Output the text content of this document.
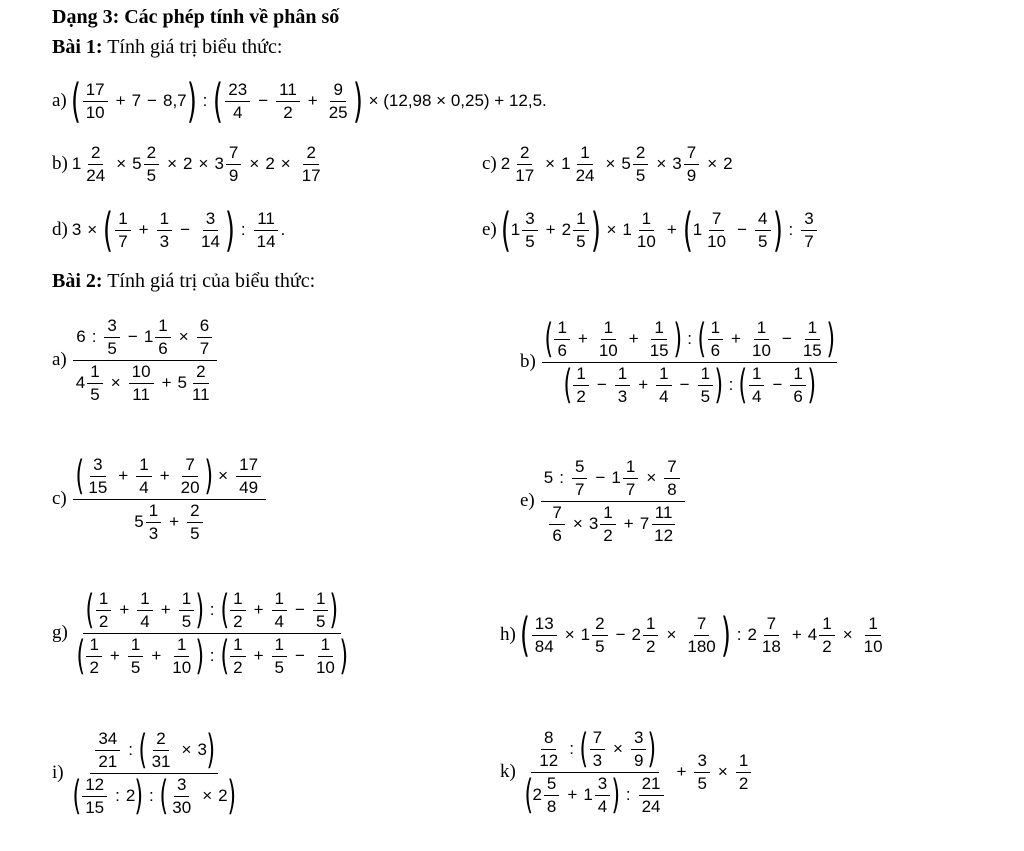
Dạng 3: Các phép tính về phân số
Bài 1: Tính giá trị biểu thức:
Bài 2: Tính giá trị của biểu thức:
a) ( 17
10
+ 7 − 8,7 ) : ( 23
4
− $\frac{11}{2} + \frac{9}{25}$ ) × (12,98 × 0,25) + 12,5.
b) $1 \frac{2}{24} \times 5 \frac{2}{5} \times 2 \times 3 \frac{7}{9} \times 2 \times \frac{2}{17}$	c) $2 \frac{2}{17} \times 1 \frac{1}{24} \times 5 \frac{2}{5} \times 3 \frac{7}{9} \times 2$
d) 3 × ( 1
7
+ $\frac{1}{3} - \frac{3}{14}$ ) :
11
14
.	e) ( 1
3
5
+ $2 \frac{1}{5}$ ) × $1 \frac{1}{10}$ + ( 1
7
10
− $\frac{4}{5}$ ) :
3
7
a)
6 :
3
5
− $1 \frac{1}{6} \times \frac{6}{7}$
$4 \frac{1}{5} \times \frac{10}{11} + 5 \frac{2}{11}$	b) ( 1
6
+ $\frac{1}{10} + \frac{1}{15}$ ) : ( 1
6
+ $\frac{1}{10} - \frac{1}{15}$ )
( 1
2
− $\frac{1}{3} + \frac{1}{4} - \frac{1}{5}$ ) : ( 1
4
− $\frac{1}{6}$ )
c) ( 3
15
+ $\frac{1}{4} + \frac{7}{20}$ ) × $\frac{17}{49}$
5
1
3
+ $\frac{2}{5}$	e)
5 :
5
7
− $1 \frac{1}{7} \times \frac{7}{8}$
$\frac{7}{6} \times 3 \frac{1}{2} + 7 \frac{11}{12}$
g) ( 1
2
+ $\frac{1}{4} + \frac{1}{5}$ ) : ( 1
2
+ $\frac{1}{4} - \frac{1}{5}$ )
( 1
2
+ $\frac{1}{5} + \frac{1}{10}$ ) : ( 1
2
+ $\frac{1}{5} - \frac{1}{10}$ )	h) ( $\frac{13}{84} \times 1 \frac{2}{5} - 2 \frac{1}{2} \times \frac{7}{180}$ ) : 2
7
18
+ $4 \frac{1}{2} \times \frac{1}{10}$
i)
34
21
: ( $\frac{2}{31} \times 3$ )
( 12
15
: 2 ) : ( $\frac{3}{30} \times 2$ )
k)
8
12
: ( $\frac{7}{3} \times \frac{3}{9}$ )
( 2
5
8
+ $1 \frac{3}{4}$ ) :
21
24
+ $\frac{3}{5} \times \frac{1}{2}$
